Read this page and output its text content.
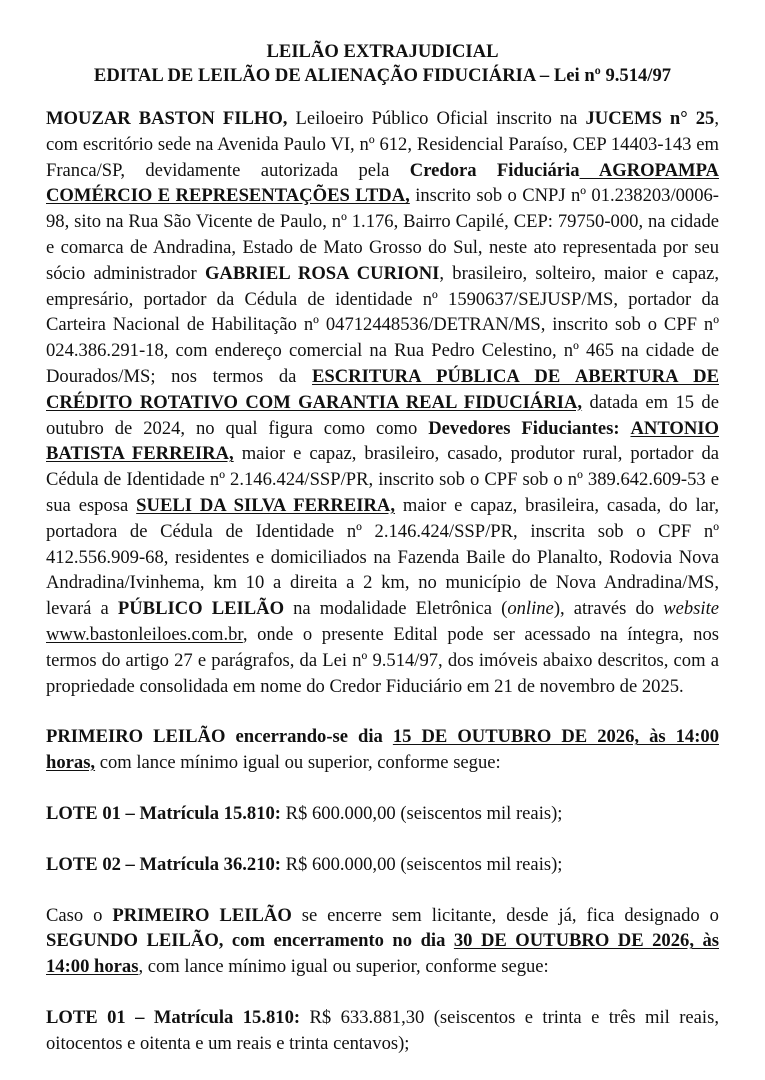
LEILÃO EXTRAJUDICIAL
EDITAL DE LEILÃO DE ALIENAÇÃO FIDUCIÁRIA – Lei nº 9.514/97

MOUZAR BASTON FILHO, Leiloeiro Público Oficial inscrito na JUCEMS n° 25, com escritório sede na Avenida Paulo VI, nº 612, Residencial Paraíso, CEP 14403-143 em Franca/SP, devidamente autorizada pela Credora Fiduciária AGROPAMPA COMÉRCIO E REPRESENTAÇÕES LTDA, inscrito sob o CNPJ nº 01.238203/0006-98, sito na Rua São Vicente de Paulo, nº 1.176, Bairro Capilé, CEP: 79750-000, na cidade e comarca de Andradina, Estado de Mato Grosso do Sul, neste ato representada por seu sócio administrador GABRIEL ROSA CURIONI, brasileiro, solteiro, maior e capaz, empresário, portador da Cédula de identidade nº 1590637/SEJUSP/MS, portador da Carteira Nacional de Habilitação nº 04712448536/DETRAN/MS, inscrito sob o CPF nº 024.386.291-18, com endereço comercial na Rua Pedro Celestino, nº 465 na cidade de Dourados/MS; nos termos da ESCRITURA PÚBLICA DE ABERTURA DE CRÉDITO ROTATIVO COM GARANTIA REAL FIDUCIÁRIA, datada em 15 de outubro de 2024, no qual figura como como Devedores Fiduciantes: ANTONIO BATISTA FERREIRA, maior e capaz, brasileiro, casado, produtor rural, portador da Cédula de Identidade nº 2.146.424/SSP/PR, inscrito sob o CPF sob o nº 389.642.609-53 e sua esposa SUELI DA SILVA FERREIRA, maior e capaz, brasileira, casada, do lar, portadora de Cédula de Identidade nº 2.146.424/SSP/PR, inscrita sob o CPF nº 412.556.909-68, residentes e domiciliados na Fazenda Baile do Planalto, Rodovia Nova Andradina/Ivinhema, km 10 a direita a 2 km, no município de Nova Andradina/MS, levará a PÚBLICO LEILÃO na modalidade Eletrônica (online), através do website www.bastonleiloes.com.br, onde o presente Edital pode ser acessado na íntegra, nos termos do artigo 27 e parágrafos, da Lei nº 9.514/97, dos imóveis abaixo descritos, com a propriedade consolidada em nome do Credor Fiduciário em 21 de novembro de 2025.

PRIMEIRO LEILÃO encerrando-se dia 15 DE OUTUBRO DE 2026, às 14:00 horas, com lance mínimo igual ou superior, conforme segue:

LOTE 01 – Matrícula 15.810: R$ 600.000,00 (seiscentos mil reais);

LOTE 02 – Matrícula 36.210: R$ 600.000,00 (seiscentos mil reais);

Caso o PRIMEIRO LEILÃO se encerre sem licitante, desde já, fica designado o SEGUNDO LEILÃO, com encerramento no dia 30 DE OUTUBRO DE 2026, às 14:00 horas, com lance mínimo igual ou superior, conforme segue:

LOTE 01 – Matrícula 15.810: R$ 633.881,30 (seiscentos e trinta e três mil reais, oitocentos e oitenta e um reais e trinta centavos);
